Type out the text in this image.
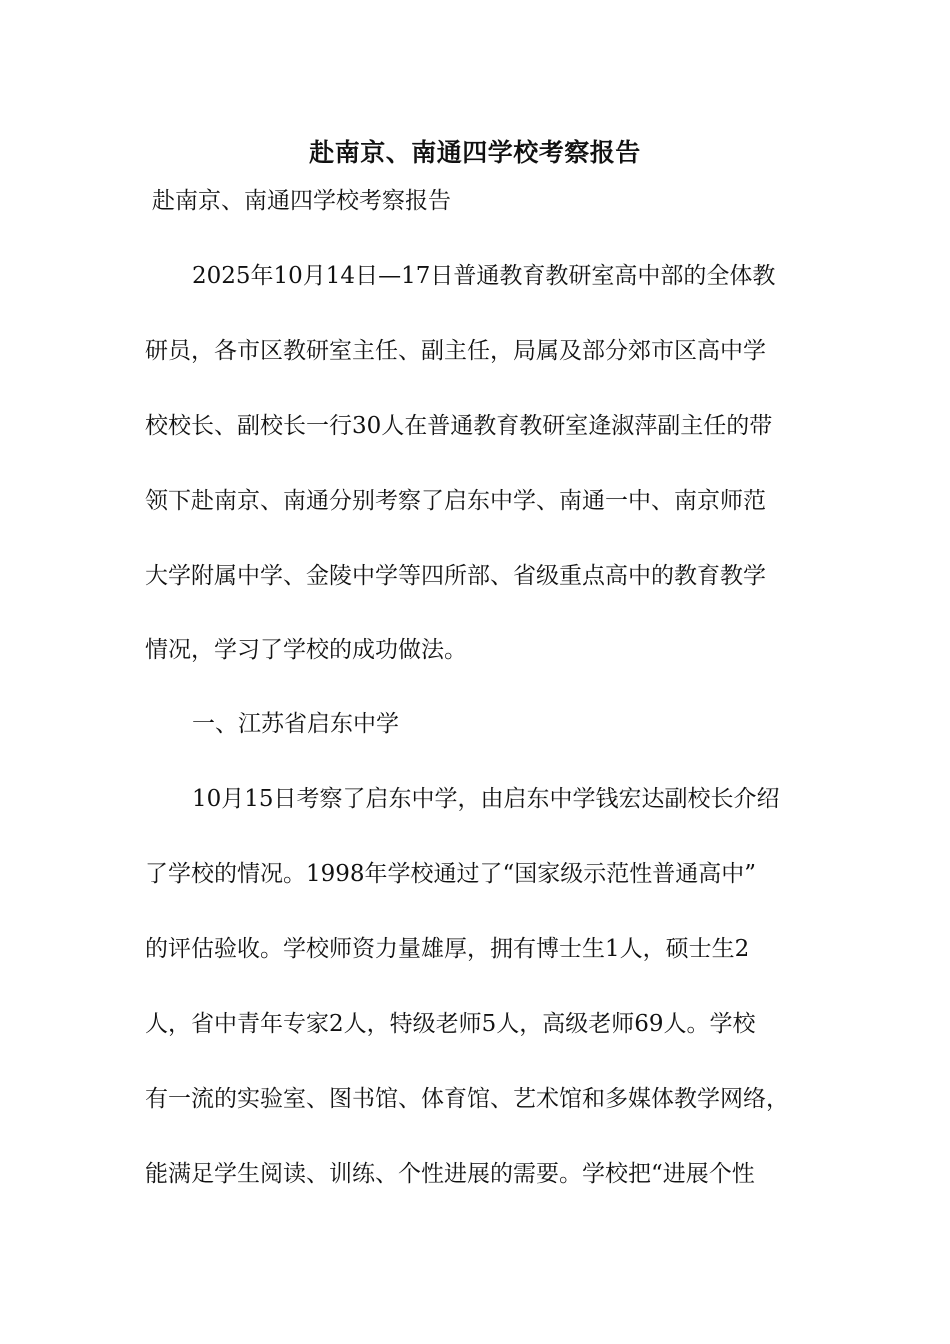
赴南京、南通四学校考察报告
赴南京、南通四学校考察报告
2025年10月14日—17日普通教育教研室高中部的全体教
研员，各市区教研室主任、副主任，局属及部分郊市区高中学
校校长、副校长一行30人在普通教育教研室逄淑萍副主任的带
领下赴南京、南通分别考察了启东中学、南通一中、南京师范
大学附属中学、金陵中学等四所部、省级重点高中的教育教学
情况，学习了学校的成功做法。
一、江苏省启东中学
10月15日考察了启东中学，由启东中学钱宏达副校长介绍
了学校的情况。1998年学校通过了“国家级示范性普通高中”
的评估验收。学校师资力量雄厚，拥有博士生1人，硕士生2
人，省中青年专家2人，特级老师5人，高级老师69人。学校
有一流的实验室、图书馆、体育馆、艺术馆和多媒体教学网络，
能满足学生阅读、训练、个性进展的需要。学校把“进展个性
